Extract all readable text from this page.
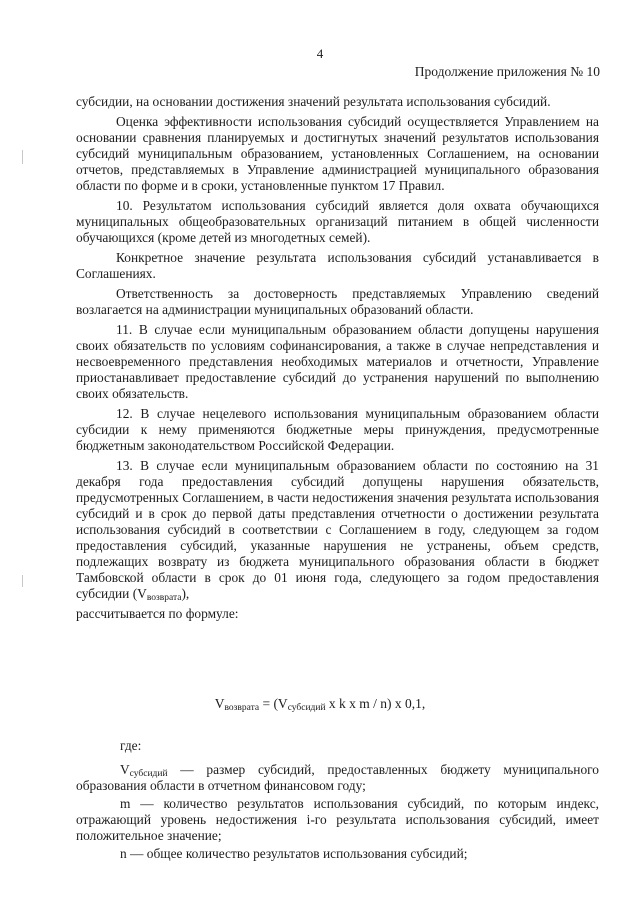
4
Продолжение приложения № 10

субсидии, на основании достижения значений результата использования субсидий.

Оценка эффективности использования субсидий осуществляется Управлением на основании сравнения планируемых и достигнутых значений результатов использования субсидий муниципальным образованием, установленных Соглашением, на основании отчетов, представляемых в Управление администрацией муниципального образования области по форме и в сроки, установленные пунктом 17 Правил.

10. Результатом использования субсидий является доля охвата обучающихся муниципальных общеобразовательных организаций питанием в общей численности обучающихся (кроме детей из многодетных семей).

Конкретное значение результата использования субсидий устанавливается в Соглашениях.

Ответственность за достоверность представляемых Управлению сведений возлагается на администрации муниципальных образований области.

11. В случае если муниципальным образованием области допущены нарушения своих обязательств по условиям софинансирования, а также в случае непредставления и несвоевременного представления необходимых материалов и отчетности, Управление приостанавливает предоставление субсидий до устранения нарушений по выполнению своих обязательств.

12. В случае нецелевого использования муниципальным образованием области субсидии к нему применяются бюджетные меры принуждения, предусмотренные бюджетным законодательством Российской Федерации.

13. В случае если муниципальным образованием области по состоянию на 31 декабря года предоставления субсидий допущены нарушения обязательств, предусмотренных Соглашением, в части недостижения значения результата использования субсидий и в срок до первой даты представления отчетности о достижении результата использования субсидий в соответствии с Соглашением в году, следующем за годом предоставления субсидий, указанные нарушения не устранены, объем средств, подлежащих возврату из бюджета муниципального образования области в бюджет Тамбовской области в срок до 01 июня года, следующего за годом предоставления субсидии $(V_{возврата})$,

рассчитывается по формуле:

$V_{возврата} = (V_{субсидий}$ x k x m / n) x 0,1,

где:

$V_{субсидий}$ — размер субсидий, предоставленных бюджету муниципального образования области в отчетном финансовом году;

m — количество результатов использования субсидий, по которым индекс, отражающий уровень недостижения i-го результата использования субсидий, имеет положительное значение;

n — общее количество результатов использования субсидий;
